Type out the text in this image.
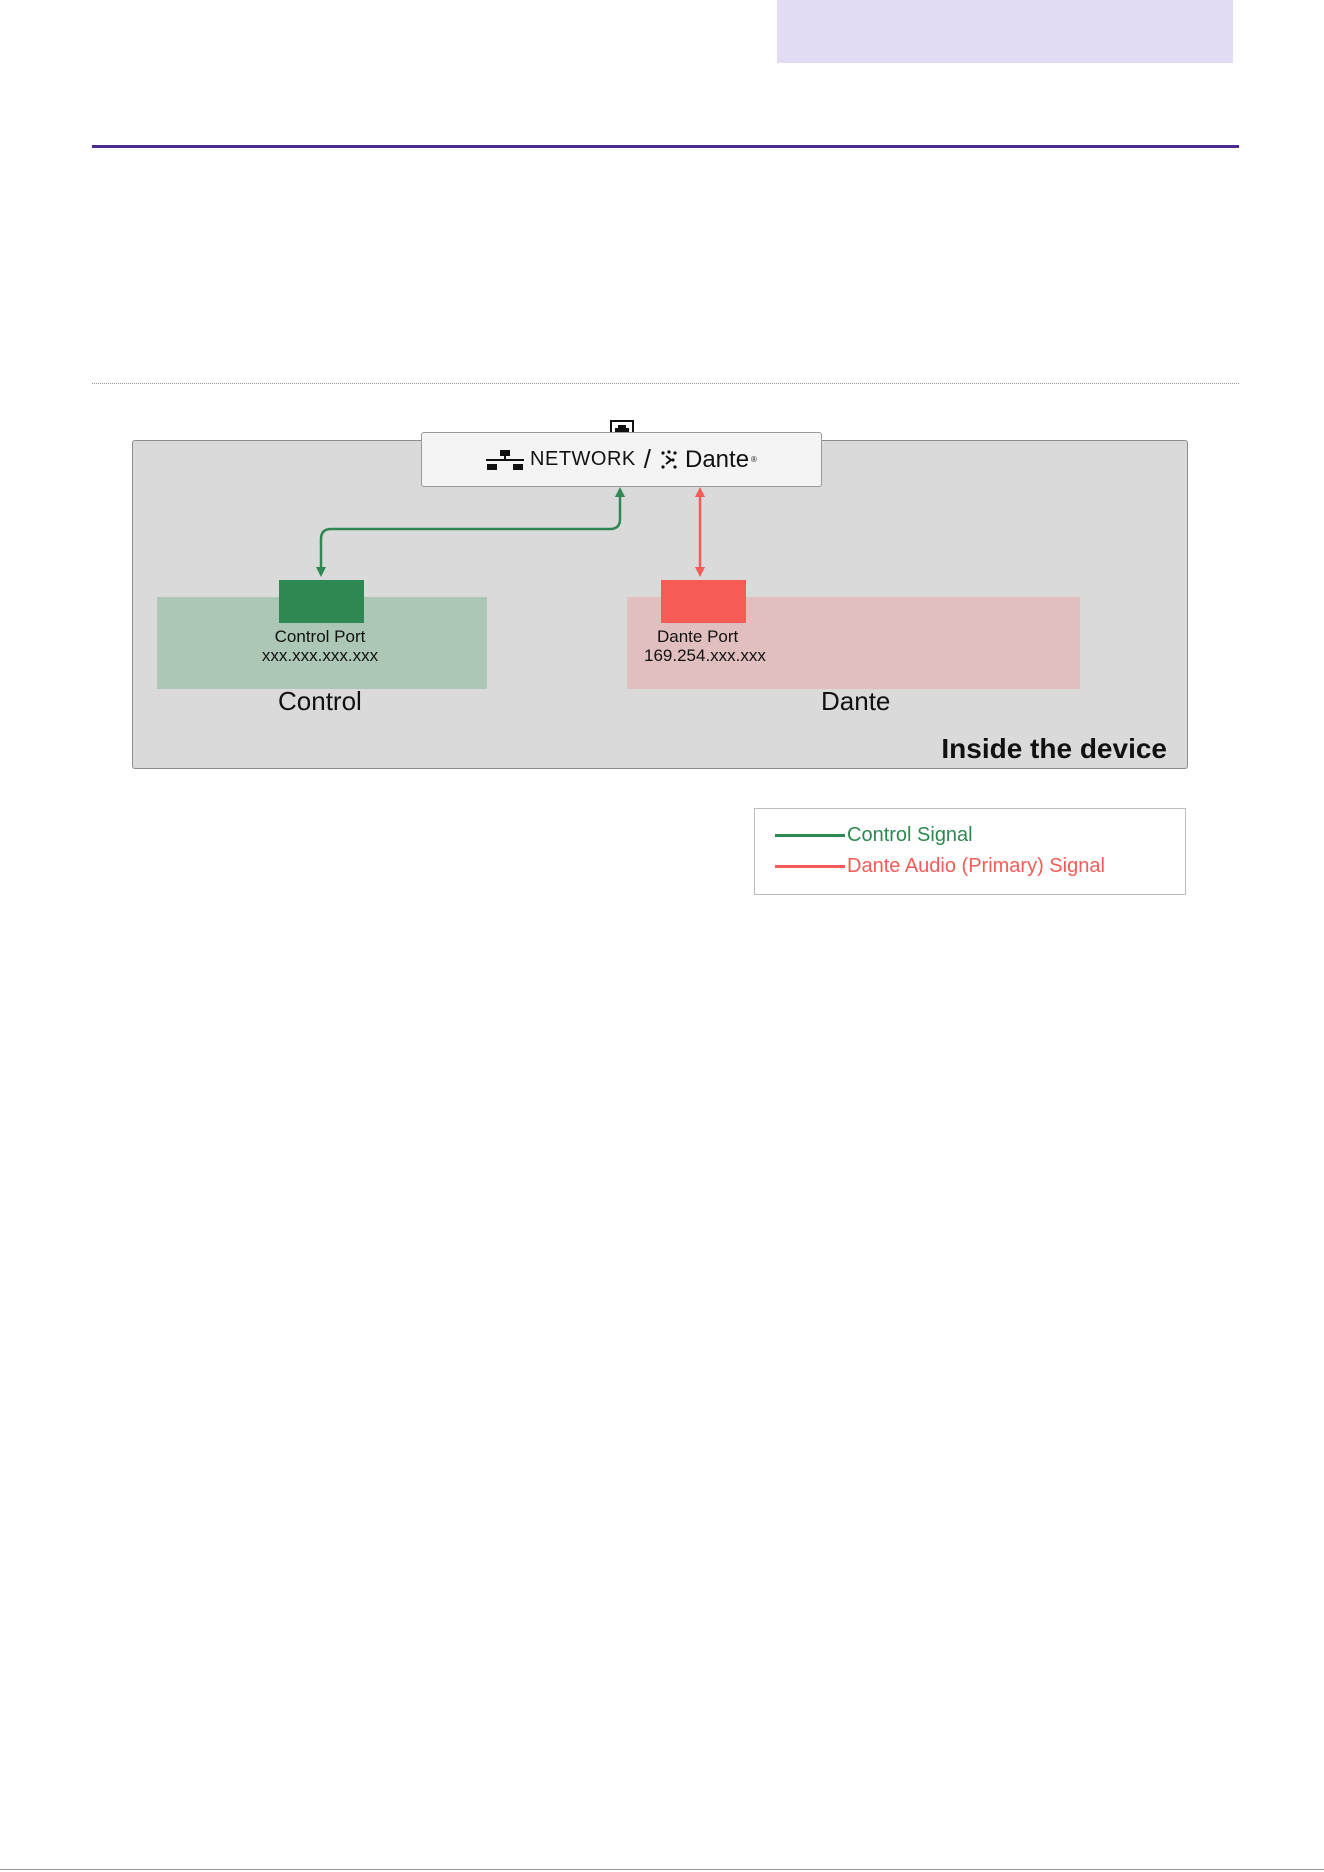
NETWORK / Dante ®
Control Port
xxx.xxx.xxx.xxx
Dante Port
169.254.xxx.xxx
Control	Dante
Inside the device
Control Signal
Dante Audio (Primary) Signal
